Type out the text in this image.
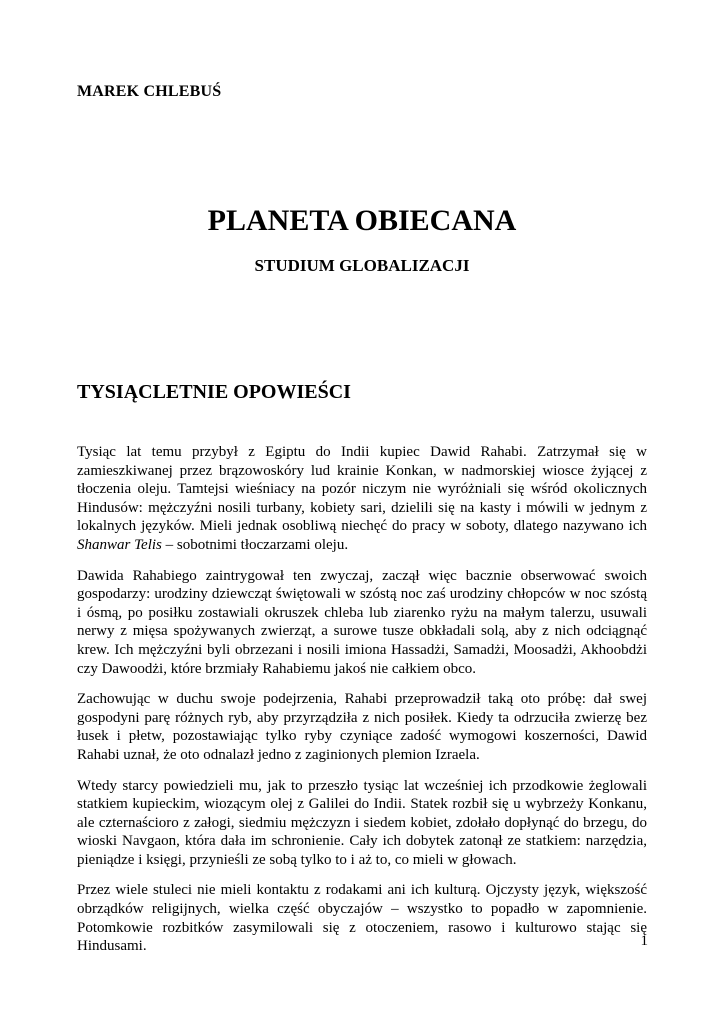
MAREK CHLEBUŚ
PLANETA OBIECANA
STUDIUM GLOBALIZACJI
TYSIĄCLETNIE OPOWIEŚCI

Tysiąc lat temu przybył z Egiptu do Indii kupiec Dawid Rahabi. Zatrzymał się w zamieszkiwanej przez brązowoskóry lud krainie Konkan, w nadmorskiej wiosce żyjącej z tłoczenia oleju. Tamtejsi wieśniacy na pozór niczym nie wyróżniali się wśród okolicznych Hindusów: mężczyźni nosili turbany, kobiety sari, dzielili się na kasty i mówili w jednym z lokalnych języków. Mieli jednak osobliwą niechęć do pracy w soboty, dlatego nazywano ich Shanwar Telis – sobotnimi tłoczarzami oleju.

Dawida Rahabiego zaintrygował ten zwyczaj, zaczął więc bacznie obserwować swoich gospodarzy: urodziny dziewcząt świętowali w szóstą noc zaś urodziny chłopców w noc szóstą i ósmą, po posiłku zostawiali okruszek chleba lub ziarenko ryżu na małym talerzu, usuwali nerwy z mięsa spożywanych zwierząt, a surowe tusze obkładali solą, aby z nich odciągnąć krew. Ich mężczyźni byli obrzezani i nosili imiona Hassadżi, Samadżi, Moosadżi, Akhoobdżi czy Dawoodżi, które brzmiały Rahabiemu jakoś nie całkiem obco.

Zachowując w duchu swoje podejrzenia, Rahabi przeprowadził taką oto próbę: dał swej gospodyni parę różnych ryb, aby przyrządziła z nich posiłek. Kiedy ta odrzuciła zwierzę bez łusek i płetw, pozostawiając tylko ryby czyniące zadość wymogowi koszerności, Dawid Rahabi uznał, że oto odnalazł jedno z zaginionych plemion Izraela.

Wtedy starcy powiedzieli mu, jak to przeszło tysiąc lat wcześniej ich przodkowie żeglowali statkiem kupieckim, wiozącym olej z Galilei do Indii. Statek rozbił się u wybrzeży Konkanu, ale czternaścioro z załogi, siedmiu mężczyzn i siedem kobiet, zdołało dopłynąć do brzegu, do wioski Navgaon, która dała im schronienie. Cały ich dobytek zatonął ze statkiem: narzędzia, pieniądze i księgi, przynieśli ze sobą tylko to i aż to, co mieli w głowach.

Przez wiele stuleci nie mieli kontaktu z rodakami ani ich kulturą. Ojczysty język, większość obrządków religijnych, wielka część obyczajów – wszystko to popadło w zapomnienie. Potomkowie rozbitków zasymilowali się z otoczeniem, rasowo i kulturowo stając się Hindusami.	1
